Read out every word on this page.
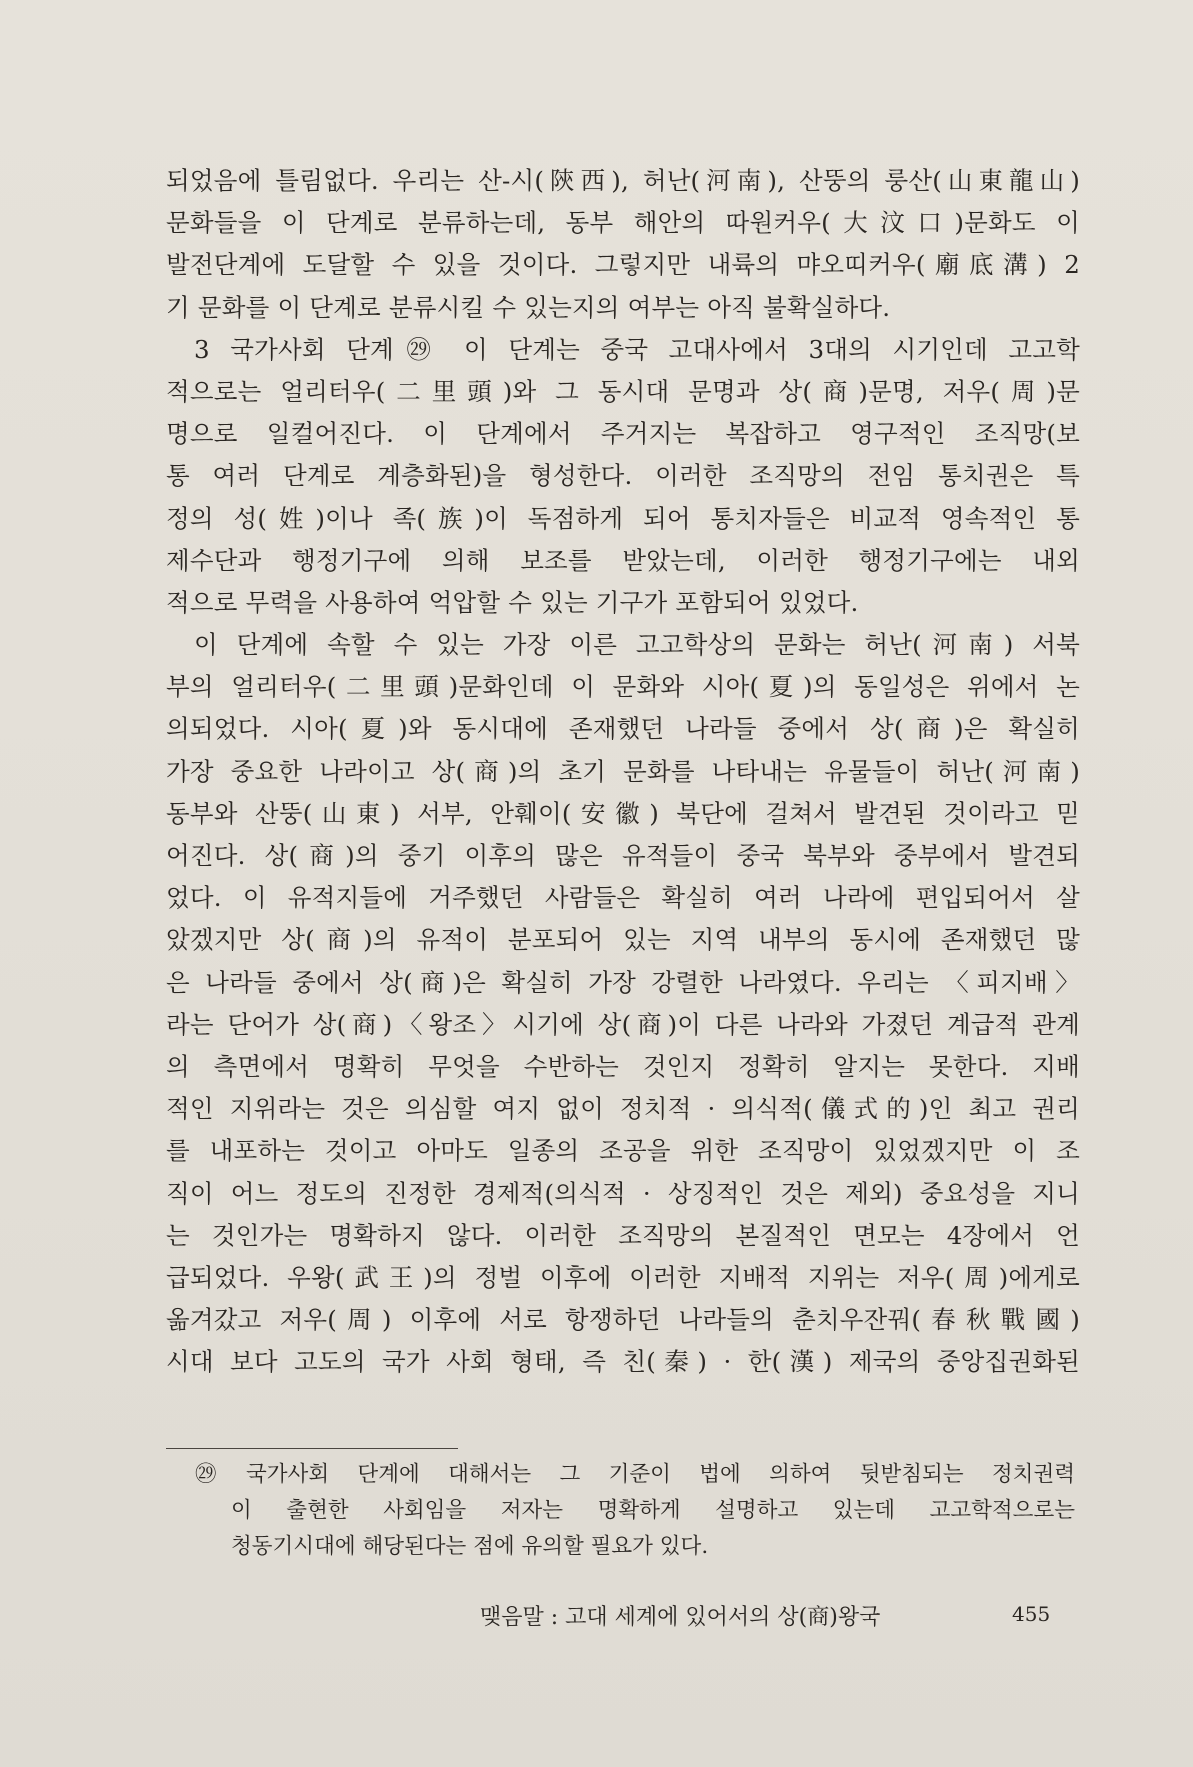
되었음에 틀림없다. 우리는 산-시(陝西), 허난(河南), 산뚱의 룽산(山東龍山)
문화들을 이 단계로 분류하는데, 동부 해안의 따원커우(大汶口)문화도 이
발전단계에 도달할 수 있을 것이다. 그렇지만 내륙의 먀오띠커우(廟底溝) 2
기 문화를 이 단계로 분류시킬 수 있는지의 여부는 아직 불확실하다.
3 국가사회 단계㉙ 이 단계는 중국 고대사에서 3대의 시기인데 고고학
적으로는 얼리터우(二里頭)와 그 동시대 문명과 상(商)문명, 저우(周)문
명으로 일컬어진다. 이 단계에서 주거지는 복잡하고 영구적인 조직망(보
통 여러 단계로 계층화된)을 형성한다. 이러한 조직망의 전임 통치권은 특
정의 성(姓)이나 족(族)이 독점하게 되어 통치자들은 비교적 영속적인 통
제수단과 행정기구에 의해 보조를 받았는데, 이러한 행정기구에는 내외
적으로 무력을 사용하여 억압할 수 있는 기구가 포함되어 있었다.
이 단계에 속할 수 있는 가장 이른 고고학상의 문화는 허난(河南) 서북
부의 얼리터우(二里頭)문화인데 이 문화와 시아(夏)의 동일성은 위에서 논
의되었다. 시아(夏)와 동시대에 존재했던 나라들 중에서 상(商)은 확실히
가장 중요한 나라이고 상(商)의 초기 문화를 나타내는 유물들이 허난(河南)
동부와 산뚱(山東) 서부, 안훼이(安徽) 북단에 걸쳐서 발견된 것이라고 믿
어진다. 상(商)의 중기 이후의 많은 유적들이 중국 북부와 중부에서 발견되
었다. 이 유적지들에 거주했던 사람들은 확실히 여러 나라에 편입되어서 살
았겠지만 상(商)의 유적이 분포되어 있는 지역 내부의 동시에 존재했던 많
은 나라들 중에서 상(商)은 확실히 가장 강렬한 나라였다. 우리는 〈피지배〉
라는 단어가 상(商)〈왕조〉시기에 상(商)이 다른 나라와 가졌던 계급적 관계
의 측면에서 명확히 무엇을 수반하는 것인지 정확히 알지는 못한다. 지배
적인 지위라는 것은 의심할 여지 없이 정치적 · 의식적(儀式的)인 최고 권리
를 내포하는 것이고 아마도 일종의 조공을 위한 조직망이 있었겠지만 이 조
직이 어느 정도의 진정한 경제적(의식적 · 상징적인 것은 제외) 중요성을 지니
는 것인가는 명확하지 않다. 이러한 조직망의 본질적인 면모는 4장에서 언
급되었다. 우왕(武王)의 정벌 이후에 이러한 지배적 지위는 저우(周)에게로
옮겨갔고 저우(周) 이후에 서로 항쟁하던 나라들의 춘치우잔꿔(春秋戰國)
시대 보다 고도의 국가 사회 형태, 즉 친(秦) · 한(漢) 제국의 중앙집권화된
㉙ 국가사회 단계에 대해서는 그 기준이 법에 의하여 뒷받침되는 정치권력
이 출현한 사회임을 저자는 명확하게 설명하고 있는데 고고학적으로는
청동기시대에 해당된다는 점에 유의할 필요가 있다.
맺음말 : 고대 세계에 있어서의 상(商)왕국	455
